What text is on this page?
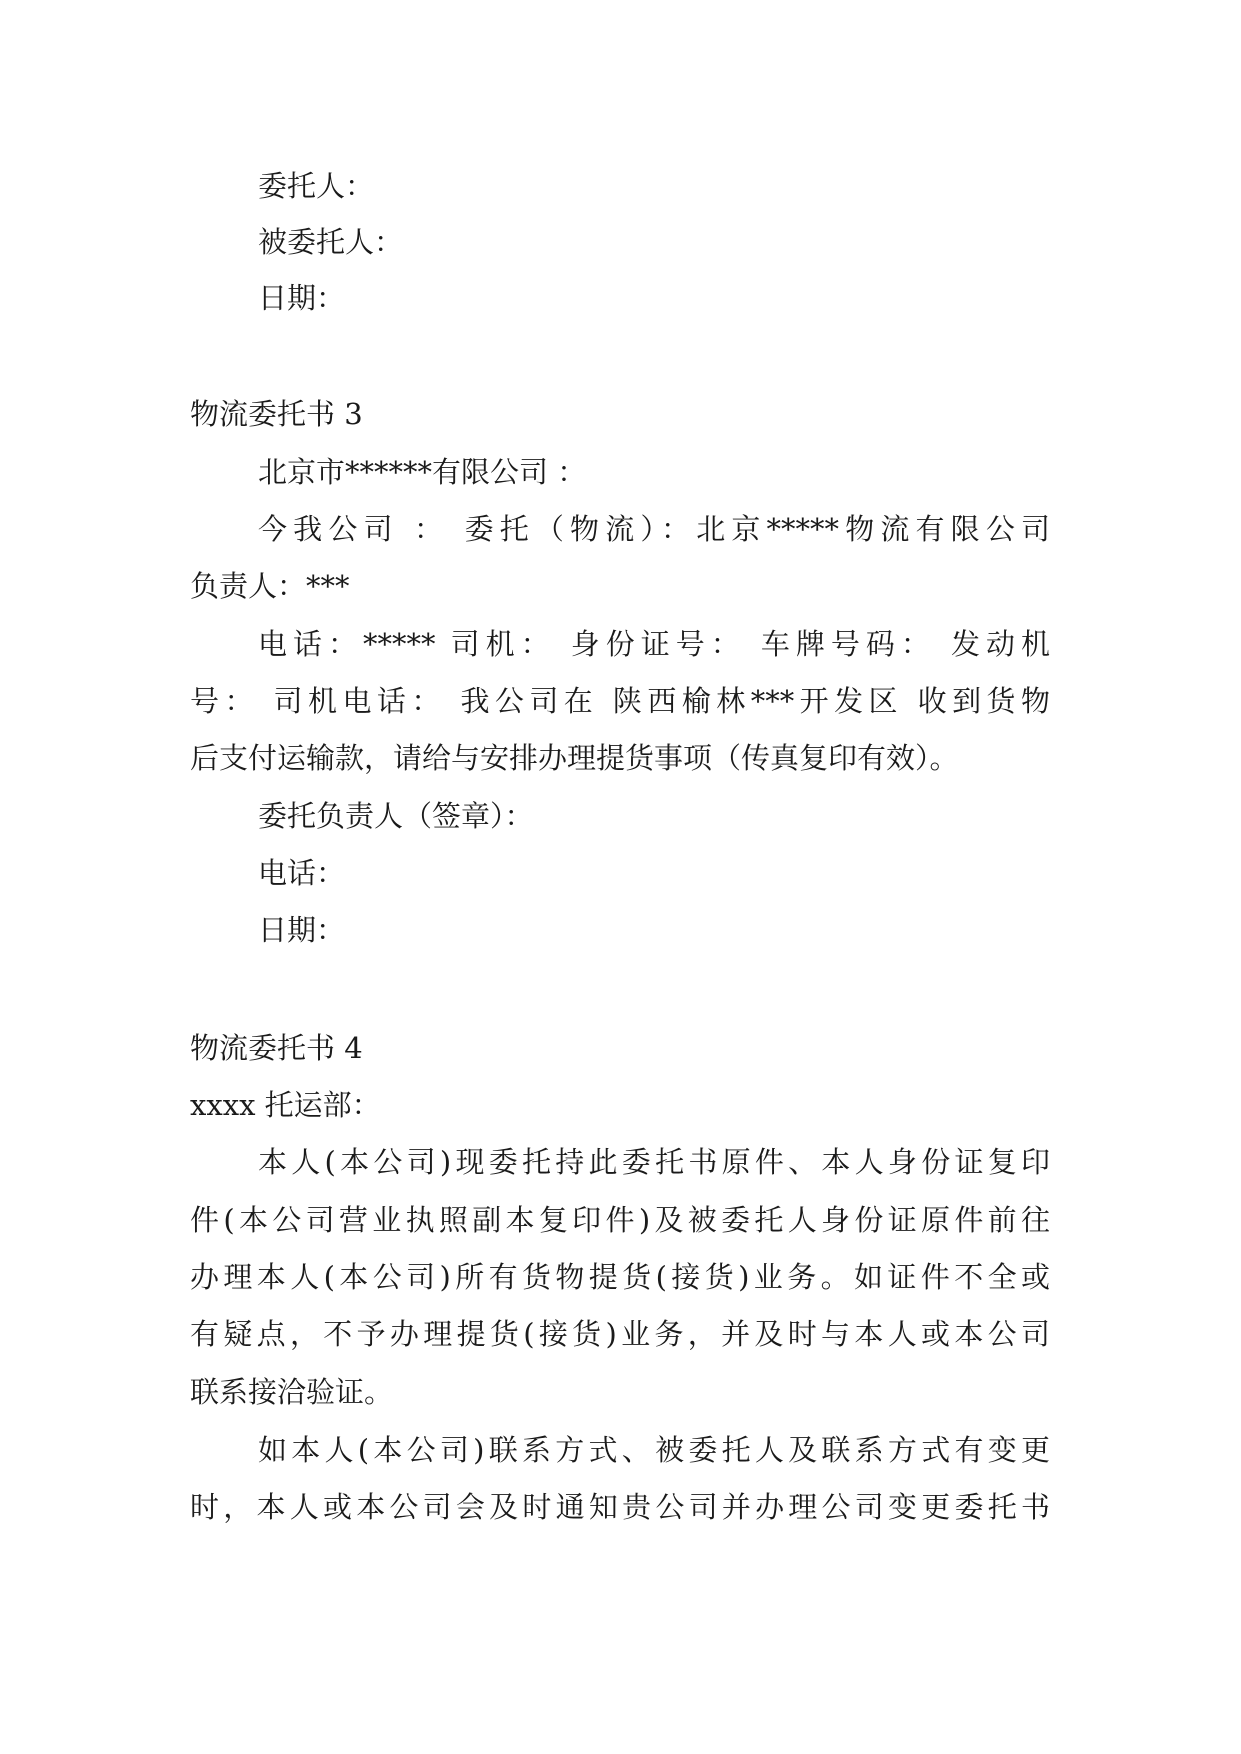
委托人：
被委托人：
日期：
物流委托书 3
北京市******有限公司 ：
今我公司 ： 委托（物流）：北京*****物流有限公司
负责人：***
电话：***** 司机： 身份证号： 车牌号码： 发动机
号： 司机电话： 我公司在 陕西榆林***开发区 收到货物
后支付运输款，请给与安排办理提货事项（传真复印有效）。
委托负责人（签章）：
电话：
日期：
物流委托书 4
xxxx 托运部：
本人(本公司)现委托持此委托书原件、本人身份证复印
件(本公司营业执照副本复印件)及被委托人身份证原件前往
办理本人(本公司)所有货物提货(接货)业务。如证件不全或
有疑点，不予办理提货(接货)业务，并及时与本人或本公司
联系接洽验证。
如本人(本公司)联系方式、被委托人及联系方式有变更
时，本人或本公司会及时通知贵公司并办理公司变更委托书
